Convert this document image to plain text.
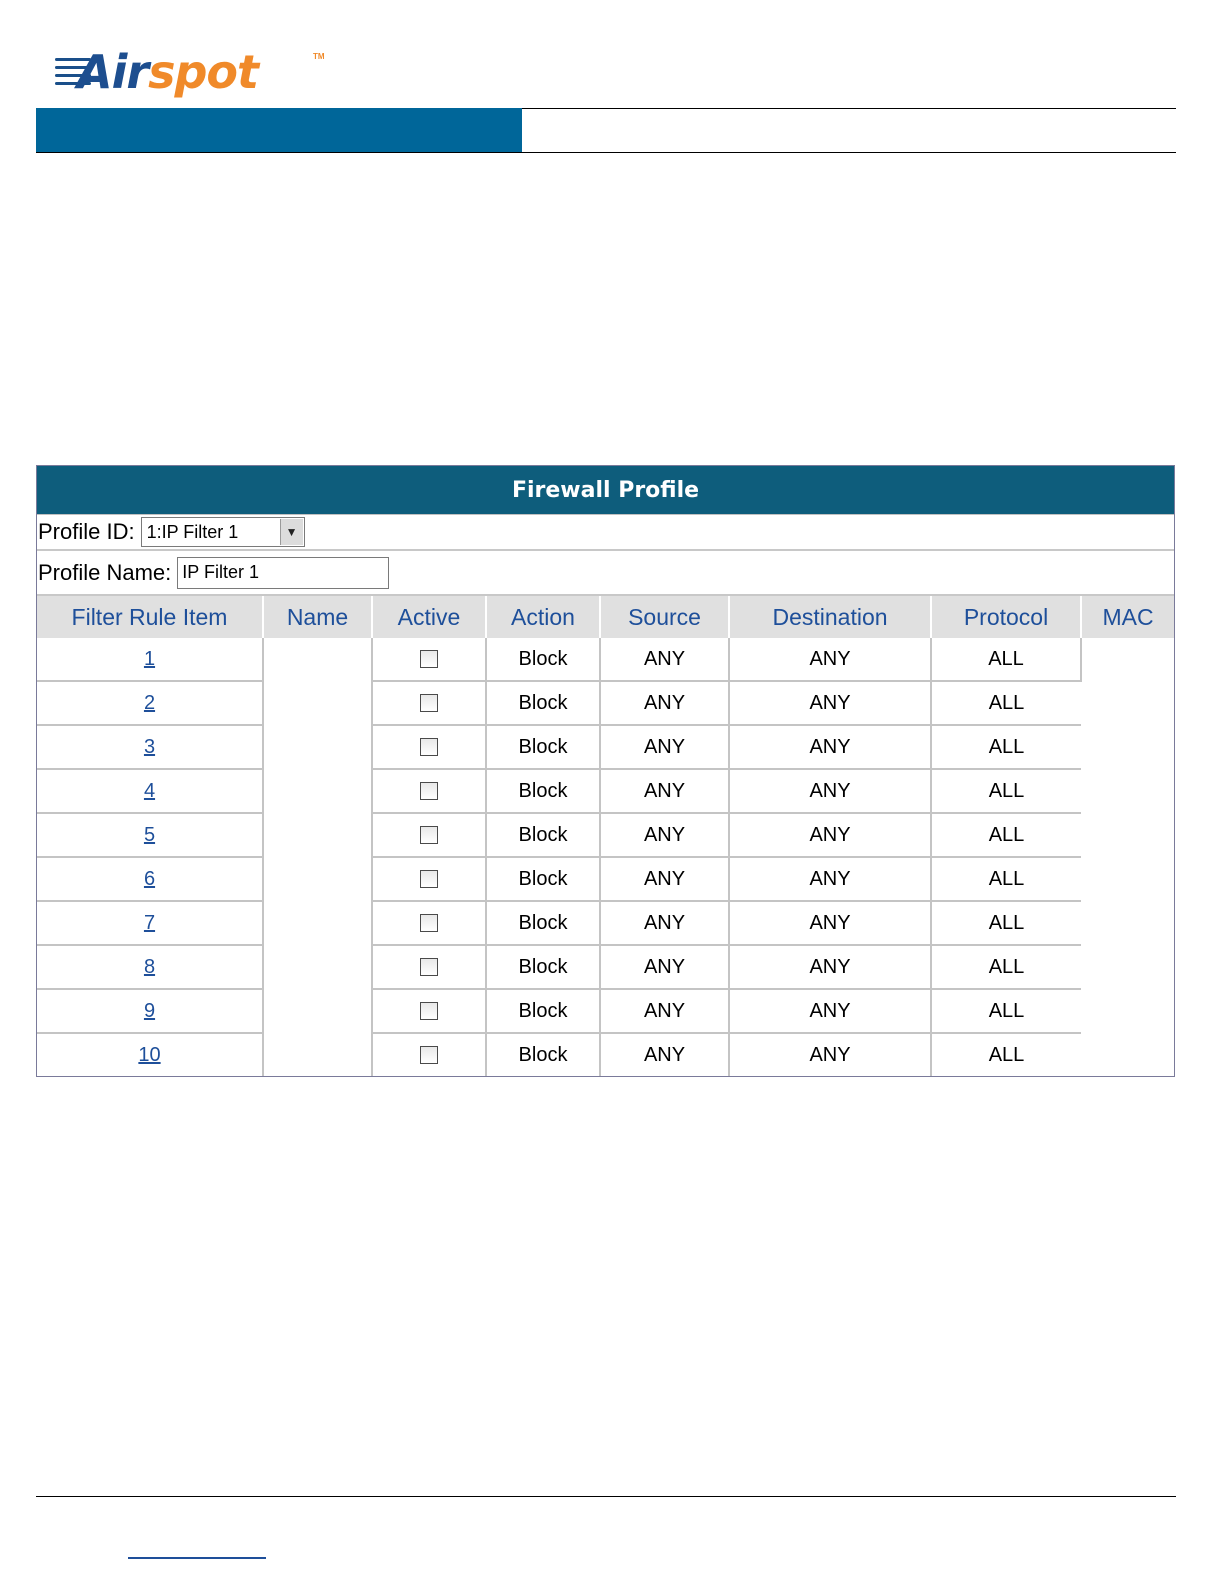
Airspot	TM
Firewall Profile
Profile ID: 1:IP Filter 1	▼
Profile Name:
IP Filter 1
Filter Rule Item	Name	Active	Action	Source	Destination	Protocol	MAC
1			Block	ANY	ANY	ALL	
2			Block	ANY	ANY	ALL	
3			Block	ANY	ANY	ALL	
4			Block	ANY	ANY	ALL	
5			Block	ANY	ANY	ALL	
6			Block	ANY	ANY	ALL	
7			Block	ANY	ANY	ALL	
8			Block	ANY	ANY	ALL	
9			Block	ANY	ANY	ALL	
10			Block	ANY	ANY	ALL	
